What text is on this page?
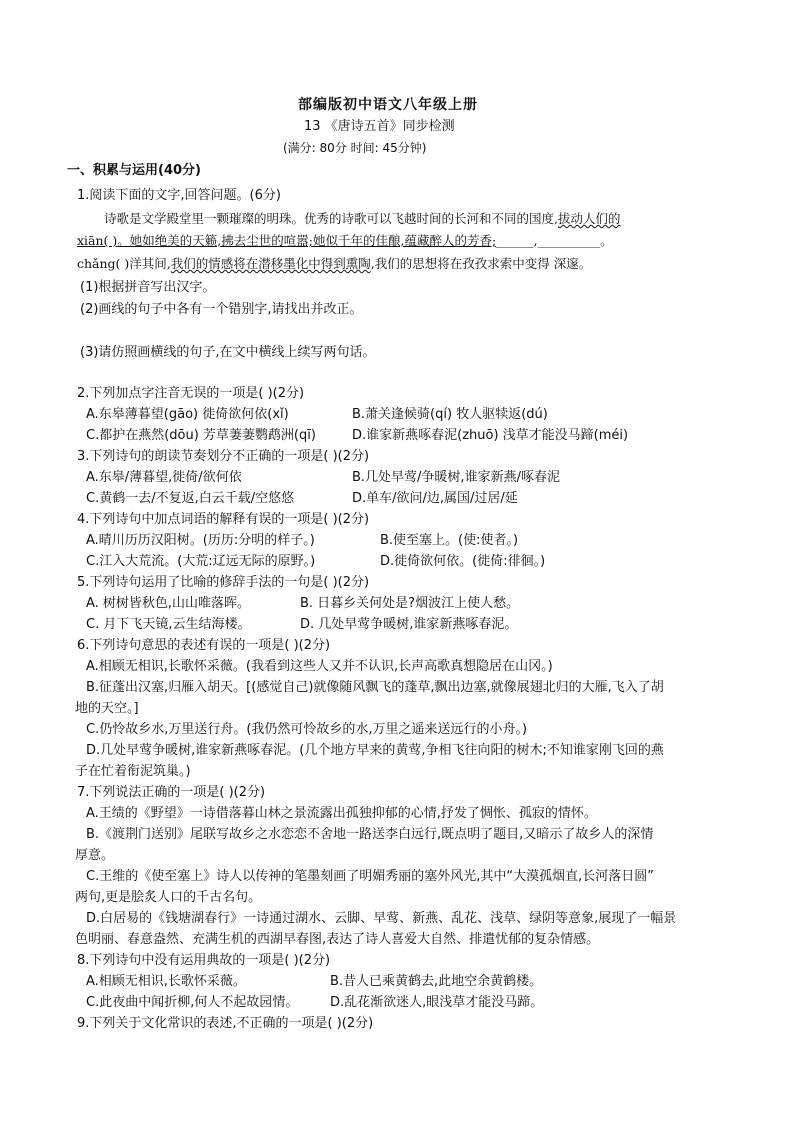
部编版初中语文八年级上册
13 《唐诗五首》同步检测
(满分: 80分 时间: 45分钟)
一、积累与运用(40分)
1.阅读下面的文字,回答问题。(6分)
诗歌是文学殿堂里一颗璀璨的明珠。优秀的诗歌可以飞越时间的长河和不同的国度,拔动人们的
xiān( )。她如绝美的天籁,拂去尘世的喧嚣;她似千年的佳酿,蕴藏醉人的芳香;______,__________。
chǎng( )洋其间,我们的情感将在潜移墨化中得到熏陶,我们的思想将在孜孜求索中变得 深邃。
(1)根据拼音写出汉字。
(2)画线的句子中各有一个错别字,请找出并改正。
(3)请仿照画横线的句子,在文中横线上续写两句话。
2.下列加点字注音无误的一项是( )(2分)
A.东皋薄暮望(gāo) 徙倚欲何依(xǐ)	B.萧关逢候骑(qí) 牧人驱犊返(dú)
C.都护在燕然(dōu) 芳草萋萋鹦鹉洲(qī)	D.谁家新燕啄春泥(zhuō) 浅草才能没马蹄(méi)
3.下列诗句的朗读节奏划分不正确的一项是( )(2分)
A.东皋/薄暮望,徙倚/欲何依	B.几处早莺/争暖树,谁家新燕/啄春泥
C.黄鹤一去/不复返,白云千载/空悠悠	D.单车/欲问/边,属国/过居/延
4.下列诗句中加点词语的解释有误的一项是( )(2分)
A.晴川历历汉阳树。(历历:分明的样子。)	B.使至塞上。(使:使者。)
C.江入大荒流。(大荒:辽远无际的原野。)	D.徙倚欲何依。(徙倚:徘徊。)
5.下列诗句运用了比喻的修辞手法的一句是( )(2分)
A. 树树皆秋色,山山唯落晖。	B. 日暮乡关何处是?烟波江上使人愁。
C. 月下飞天镜,云生结海楼。	D. 几处早莺争暖树,谁家新燕啄春泥。
6.下列诗句意思的表述有误的一项是( )(2分)
A.相顾无相识,长歌怀采薇。(我看到这些人又并不认识,长声高歌真想隐居在山冈。)
B.征蓬出汉塞,归雁入胡天。[(感觉自己)就像随风飘飞的蓬草,飘出边塞,就像展翅北归的大雁,飞入了胡
地的天空。]
C.仍怜故乡水,万里送行舟。(我仍然可怜故乡的水,万里之遥来送远行的小舟。)
D.几处早莺争暖树,谁家新燕啄春泥。(几个地方早来的黄莺,争相飞往向阳的树木;不知谁家刚飞回的燕
子在忙着衔泥筑巢。)
7.下列说法正确的一项是( )(2分)
A.王绩的《野望》一诗借落暮山林之景流露出孤独抑郁的心情,抒发了惆怅、孤寂的情怀。
B.《渡荆门送别》尾联写故乡之水恋恋不舍地一路送李白远行,既点明了题目,又暗示了故乡人的深情
厚意。
C.王维的《使至塞上》诗人以传神的笔墨刻画了明媚秀丽的塞外风光,其中“大漠孤烟直,长河落日圆”
两句,更是脍炙人口的千古名句。
D.白居易的《钱塘湖春行》一诗通过湖水、云脚、早莺、新燕、乱花、浅草、绿阴等意象,展现了一幅景
色明丽、春意盎然、充满生机的西湖早春图,表达了诗人喜爱大自然、排遣忧郁的复杂情感。
8.下列诗句中没有运用典故的一项是( )(2分)
A.相顾无相识,长歌怀采薇。	B.昔人已乘黄鹤去,此地空余黄鹤楼。
C.此夜曲中闻折柳,何人不起故园情。 D.乱花渐欲迷人,眼浅草才能没马蹄。
9.下列关于文化常识的表述,不正确的一项是( )(2分)
